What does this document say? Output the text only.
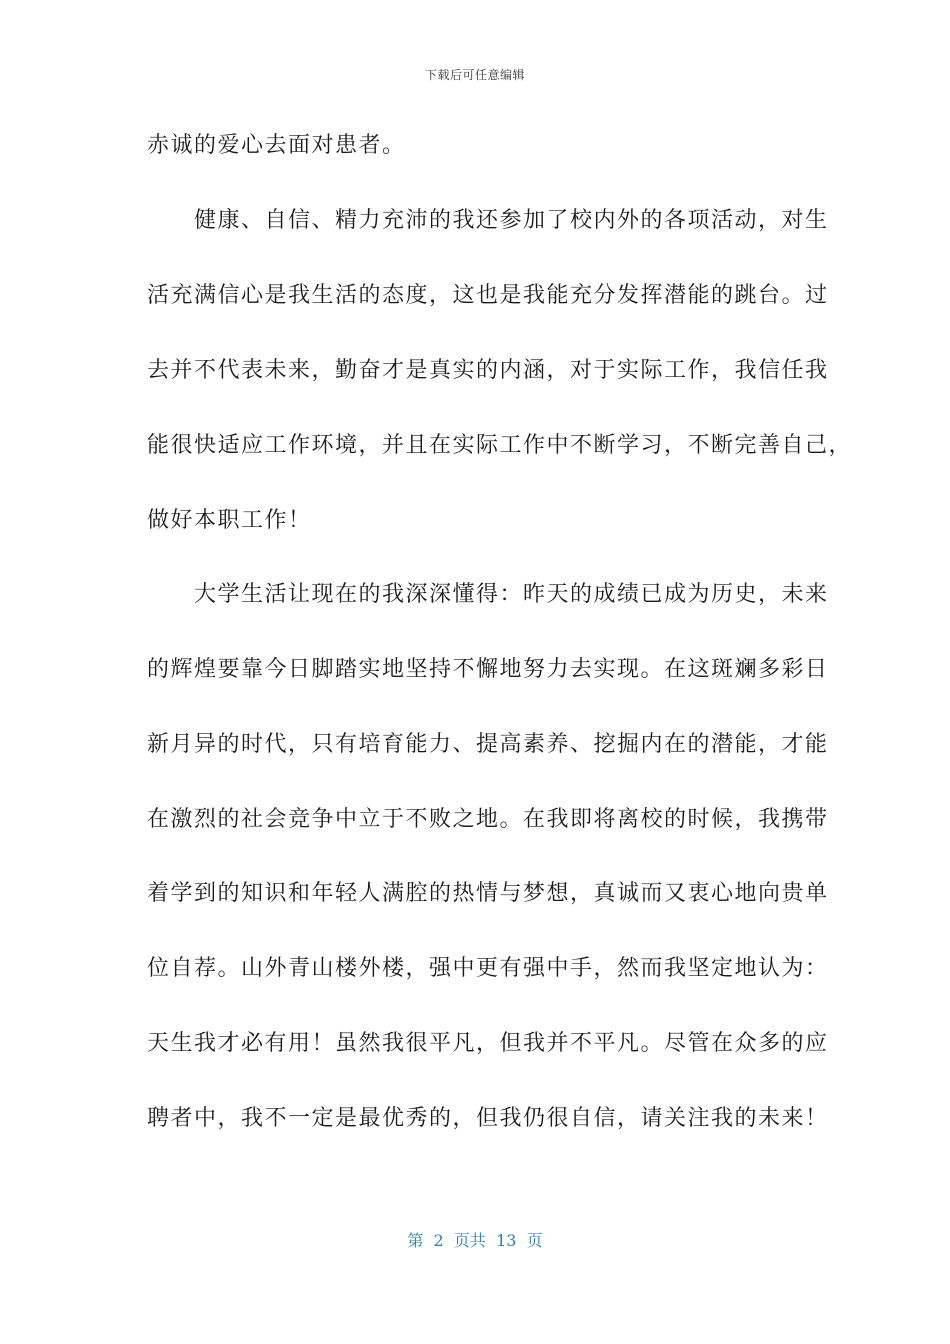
下载后可任意编辑
赤诚的爱心去面对患者。
　　健康、自信、精力充沛的我还参加了校内外的各项活动，对生
活充满信心是我生活的态度，这也是我能充分发挥潜能的跳台。过
去并不代表未来，勤奋才是真实的内涵，对于实际工作，我信任我
能很快适应工作环境，并且在实际工作中不断学习，不断完善自己，
做好本职工作！
　　大学生活让现在的我深深懂得：昨天的成绩已成为历史，未来
的辉煌要靠今日脚踏实地坚持不懈地努力去实现。在这斑斓多彩日
新月异的时代，只有培育能力、提高素养、挖掘内在的潜能，才能
在激烈的社会竞争中立于不败之地。在我即将离校的时候，我携带
着学到的知识和年轻人满腔的热情与梦想，真诚而又衷心地向贵单
位自荐。山外青山楼外楼，强中更有强中手，然而我坚定地认为：
天生我才必有用！虽然我很平凡，但我并不平凡。尽管在众多的应
聘者中，我不一定是最优秀的，但我仍很自信，请关注我的未来！
第  2  页共  13  页
